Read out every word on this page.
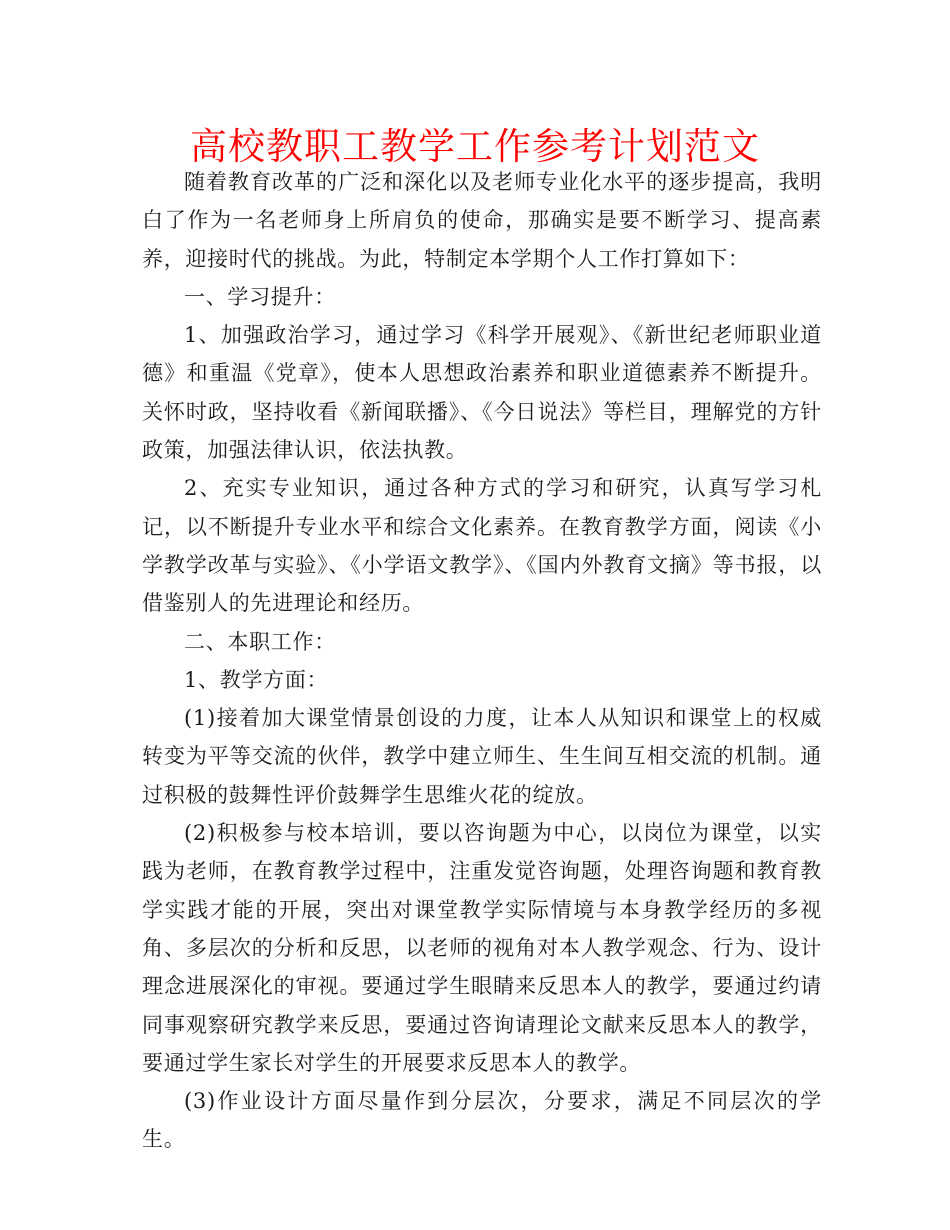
高校教职工教学工作参考计划范文

随着教育改革的广泛和深化以及老师专业化水平的逐步提高，我明白了作为一名老师身上所肩负的使命，那确实是要不断学习、提高素养，迎接时代的挑战。为此，特制定本学期个人工作打算如下：

一、学习提升：

1、加强政治学习，通过学习《科学开展观》、《新世纪老师职业道德》和重温《党章》，使本人思想政治素养和职业道德素养不断提升。关怀时政，坚持收看《新闻联播》、《今日说法》等栏目，理解党的方针政策，加强法律认识，依法执教。

2、充实专业知识，通过各种方式的学习和研究，认真写学习札记，以不断提升专业水平和综合文化素养。在教育教学方面，阅读《小学教学改革与实验》、《小学语文教学》、《国内外教育文摘》等书报，以借鉴别人的先进理论和经历。

二、本职工作：

1、教学方面：

(1)接着加大课堂情景创设的力度，让本人从知识和课堂上的权威转变为平等交流的伙伴，教学中建立师生、生生间互相交流的机制。通过积极的鼓舞性评价鼓舞学生思维火花的绽放。

(2)积极参与校本培训，要以咨询题为中心，以岗位为课堂，以实践为老师，在教育教学过程中，注重发觉咨询题，处理咨询题和教育教学实践才能的开展，突出对课堂教学实际情境与本身教学经历的多视角、多层次的分析和反思，以老师的视角对本人教学观念、行为、设计理念进展深化的审视。要通过学生眼睛来反思本人的教学，要通过约请同事观察研究教学来反思，要通过咨询请理论文献来反思本人的教学，要通过学生家长对学生的开展要求反思本人的教学。

(3)作业设计方面尽量作到分层次，分要求，满足不同层次的学生。
